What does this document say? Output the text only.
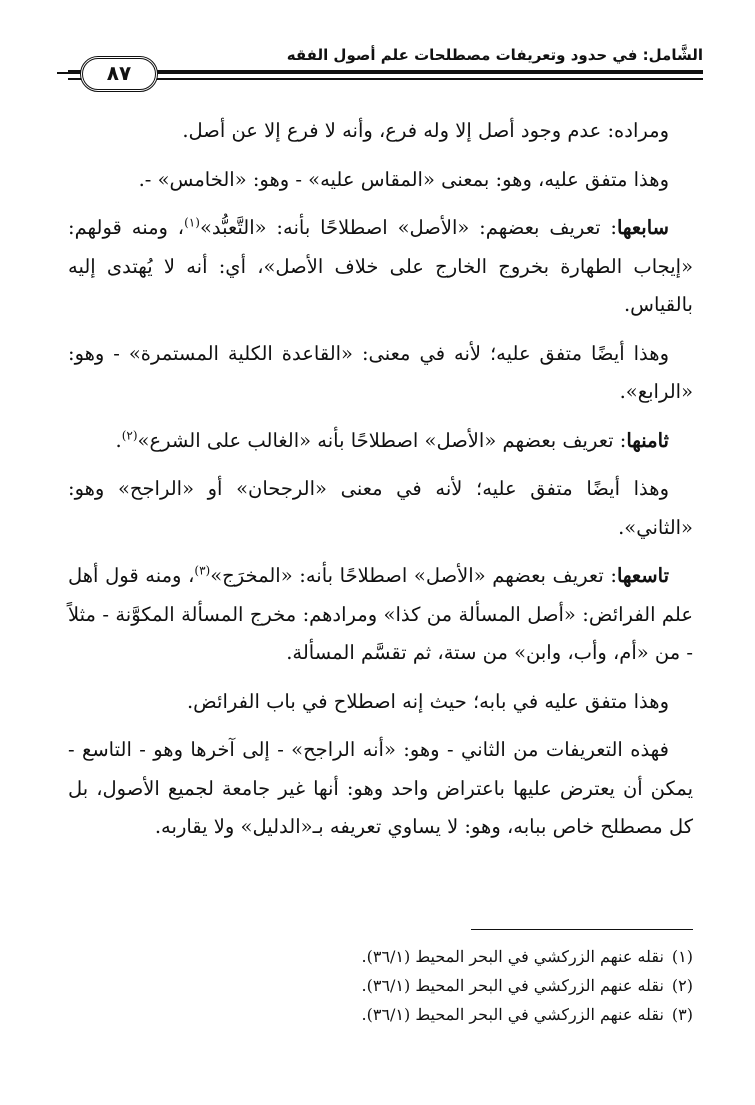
الشَّامل: في حدود وتعريفات مصطلحات علم أصول الفقه
٨٧

ومراده: عدم وجود أصل إلا وله فرع، وأنه لا فرع إلا عن أصل.

وهذا متفق عليه، وهو: بمعنى «المقاس عليه» - وهو: «الخامس» -.

سابعها: تعريف بعضهم: «الأصل» اصطلاحًا بأنه: «التَّعبُّد»$^{(١)}$، ومنه قولهم: «إيجاب الطهارة بخروج الخارج على خلاف الأصل»، أي: أنه لا يُهتدى إليه بالقياس.

وهذا أيضًا متفق عليه؛ لأنه في معنى: «القاعدة الكلية المستمرة» - وهو: «الرابع».

ثامنها: تعريف بعضهم «الأصل» اصطلاحًا بأنه «الغالب على الشرع»$^{(٢)}$.

وهذا أيضًا متفق عليه؛ لأنه في معنى «الرجحان» أو «الراجح» وهو: «الثاني».

تاسعها: تعريف بعضهم «الأصل» اصطلاحًا بأنه: «المخرَج»$^{(٣)}$، ومنه قول أهل علم الفرائض: «أصل المسألة من كذا» ومرادهم: مخرج المسألة المكوَّنة - مثلاً - من «أم، وأب، وابن» من ستة، ثم تقسَّم المسألة.

وهذا متفق عليه في بابه؛ حيث إنه اصطلاح في باب الفرائض.

فهذه التعريفات من الثاني - وهو: «أنه الراجح» - إلى آخرها وهو - التاسع - يمكن أن يعترض عليها باعتراض واحد وهو: أنها غير جامعة لجميع الأصول، بل كل مصطلح خاص ببابه، وهو: لا يساوي تعريفه بـ«الدليل» ولا يقاربه.

(١)نقله عنهم الزركشي في البحر المحيط (٣٦/١).
(٢)نقله عنهم الزركشي في البحر المحيط (٣٦/١).
(٣)نقله عنهم الزركشي في البحر المحيط (٣٦/١).
